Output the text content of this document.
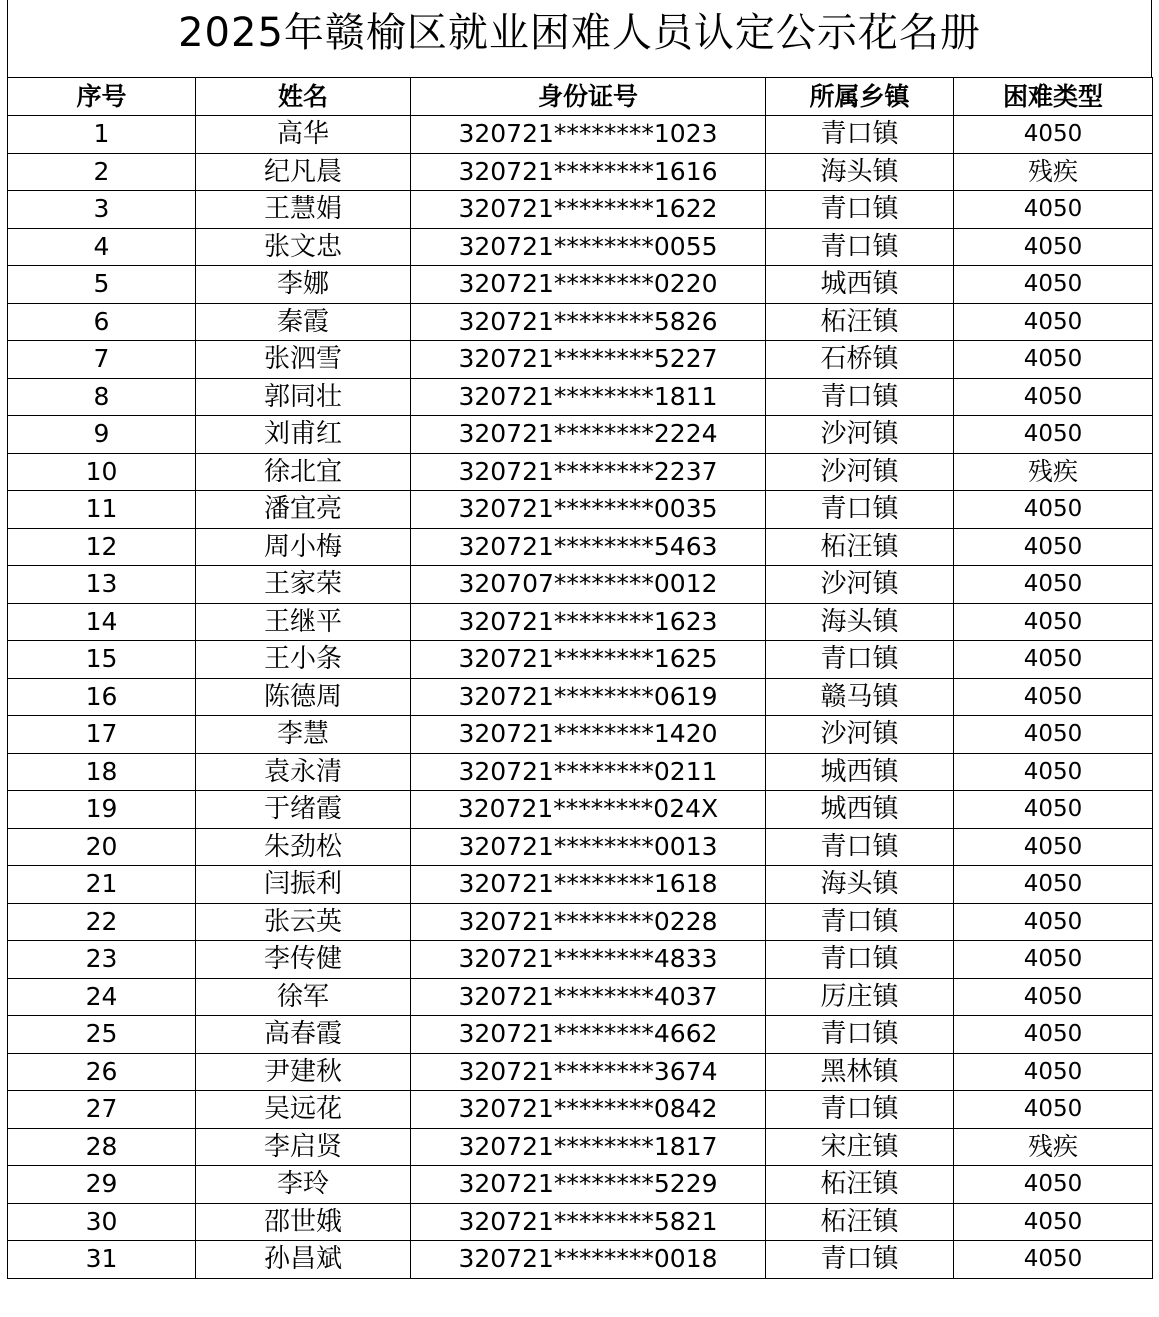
2025年赣榆区就业困难人员认定公示花名册
序号	姓名	身份证号	所属乡镇	困难类型
1	高华	320721********1023	青口镇	4050
2	纪凡晨	320721********1616	海头镇	残疾
3	王慧娟	320721********1622	青口镇	4050
4	张文忠	320721********0055	青口镇	4050
5	李娜	320721********0220	城西镇	4050
6	秦霞	320721********5826	柘汪镇	4050
7	张泗雪	320721********5227	石桥镇	4050
8	郭同壮	320721********1811	青口镇	4050
9	刘甫红	320721********2224	沙河镇	4050
10	徐北宜	320721********2237	沙河镇	残疾
11	潘宜亮	320721********0035	青口镇	4050
12	周小梅	320721********5463	柘汪镇	4050
13	王家荣	320707********0012	沙河镇	4050
14	王继平	320721********1623	海头镇	4050
15	王小条	320721********1625	青口镇	4050
16	陈德周	320721********0619	赣马镇	4050
17	李慧	320721********1420	沙河镇	4050
18	袁永清	320721********0211	城西镇	4050
19	于绪霞	320721********024X	城西镇	4050
20	朱劲松	320721********0013	青口镇	4050
21	闫振利	320721********1618	海头镇	4050
22	张云英	320721********0228	青口镇	4050
23	李传健	320721********4833	青口镇	4050
24	徐军	320721********4037	厉庄镇	4050
25	高春霞	320721********4662	青口镇	4050
26	尹建秋	320721********3674	黑林镇	4050
27	吴远花	320721********0842	青口镇	4050
28	李启贤	320721********1817	宋庄镇	残疾
29	李玲	320721********5229	柘汪镇	4050
30	邵世娥	320721********5821	柘汪镇	4050
31	孙昌斌	320721********0018	青口镇	4050
